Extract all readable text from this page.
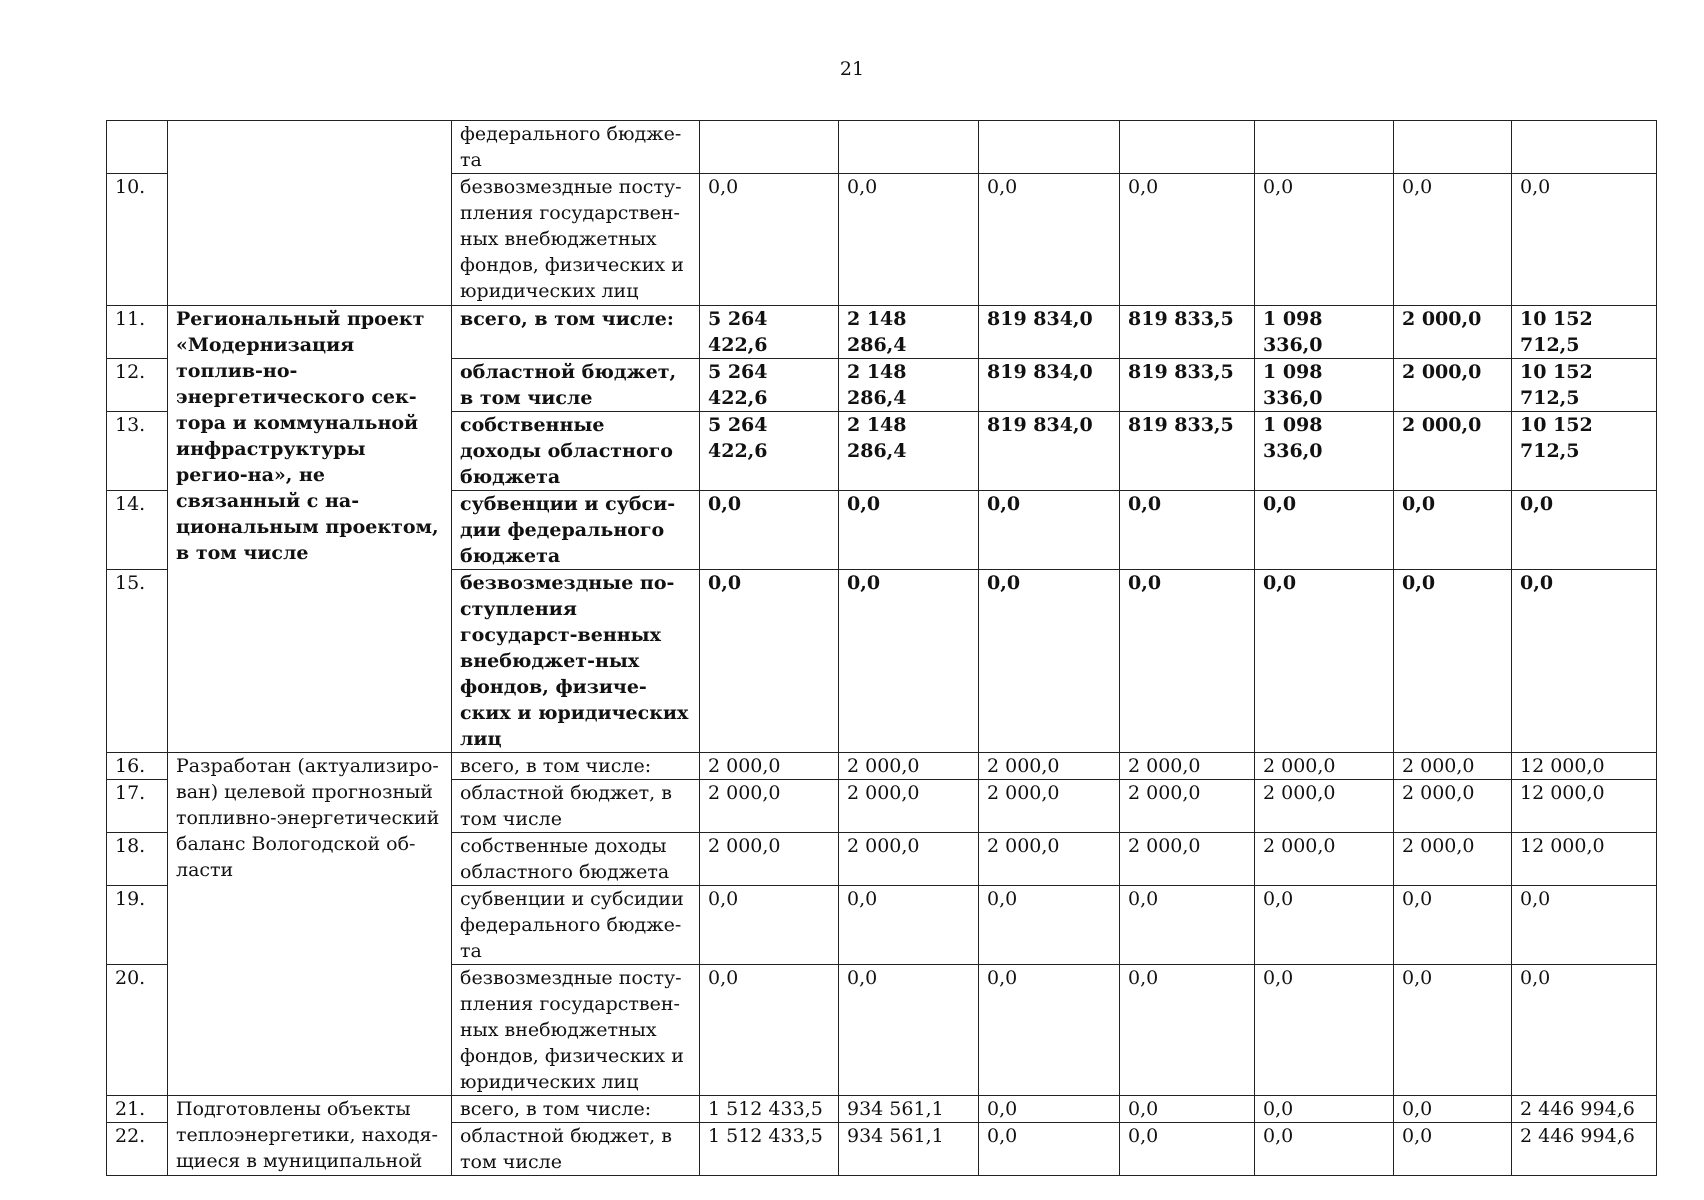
21
		федерального бюдже-та							
10.		безвозмездные посту-пления государствен-ных внебюджетных фондов, физических и юридических лиц	0,0	0,0	0,0	0,0	0,0	0,0	0,0
11.	Региональный проект «Модернизация топлив-но-энергетического сек-тора и коммунальной инфраструктуры регио-на», не связанный с на-циональным проектом, в том числе	всего, в том числе:	5 264 422,6	2 148 286,4	819 834,0	819 833,5	1 098 336,0	2 000,0	10 152 712,5
12.		областной бюджет, в том числе	5 264 422,6	2 148 286,4	819 834,0	819 833,5	1 098 336,0	2 000,0	10 152 712,5
13.		собственные доходы областного бюджета	5 264 422,6	2 148 286,4	819 834,0	819 833,5	1 098 336,0	2 000,0	10 152 712,5
14.		субвенции и субси-дии федерального бюджета	0,0	0,0	0,0	0,0	0,0	0,0	0,0
15.		безвозмездные по-ступления государст-венных внебюджет-ных фондов, физиче-ских и юридических лиц	0,0	0,0	0,0	0,0	0,0	0,0	0,0
16.	Разработан (актуализиро-ван) целевой прогнозный топливно-энергетический баланс Вологодской об-ласти	всего, в том числе:	2 000,0	2 000,0	2 000,0	2 000,0	2 000,0	2 000,0	12 000,0
17.		областной бюджет, в том числе	2 000,0	2 000,0	2 000,0	2 000,0	2 000,0	2 000,0	12 000,0
18.		собственные доходы областного бюджета	2 000,0	2 000,0	2 000,0	2 000,0	2 000,0	2 000,0	12 000,0
19.		субвенции и субсидии федерального бюдже-та	0,0	0,0	0,0	0,0	0,0	0,0	0,0
20.		безвозмездные посту-пления государствен-ных внебюджетных фондов, физических и юридических лиц	0,0	0,0	0,0	0,0	0,0	0,0	0,0
21.	Подготовлены объекты теплоэнергетики, находя-щиеся в муниципальной	всего, в том числе:	1 512 433,5	934 561,1	0,0	0,0	0,0	0,0	2 446 994,6
22.		областной бюджет, в том числе	1 512 433,5	934 561,1	0,0	0,0	0,0	0,0	2 446 994,6
